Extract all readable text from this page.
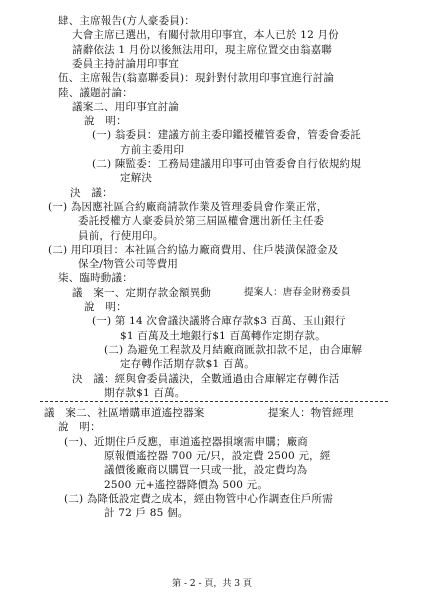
肆、主席報告(方人豪委員)：
大會主席已選出，有關付款用印事宜，本人已於 12 月份
請辭依法 1 月份以後無法用印，現主席位置交由翁嘉聯
委員主持討論用印事宜
伍、主席報告(翁嘉聯委員)：現針對付款用印事宜進行討論
陸、議題討論：
議案二、用印事宜討論
說　明：
(一) 翁委員：建議方前主委印鑑授權管委會，管委會委託
方前主委用印
(二) 陳監委：工務局建議用印事可由管委會自行依規約規
定解決
決　議：
(一) 為因應社區合約廠商請款作業及管理委員會作業正常，
委託授權方人豪委員於第三屆區權會選出新任主任委
員前，行使用印。
(二) 用印項目：本社區合約協力廠商費用、住戶裝潢保證金及
保全/物管公司等費用
柒、臨時動議：
議　案一、定期存款金額異動	提案人：唐春金財務委員
說　明：
(一) 第 14 次會議決議將合庫存款$3 百萬、玉山銀行
$1 百萬及土地銀行$1 百萬轉作定期存款。
(二) 為避免工程款及月結廠商匯款扣款不足，由合庫解
定存轉作活期存款$1 百萬。
決　議：經與會委員議決，全數通過由合庫解定存轉作活
期存款$1 百萬。
議　案二、社區增購車道遙控器案	提案人：物管經理
說　明：
(一)、近期住戶反應，車道遙控器損壞需申購；廠商
原報價遙控器 700 元/只，設定費 2500 元，經
議價後廠商以購買一只或一批，設定費均為
2500 元+遙控器降價為 500 元。
第 - 2 - 頁，共 3 頁
(二) 為降低設定費之成本，經由物管中心作調查住戶所需
計 72 戶 85 個。
